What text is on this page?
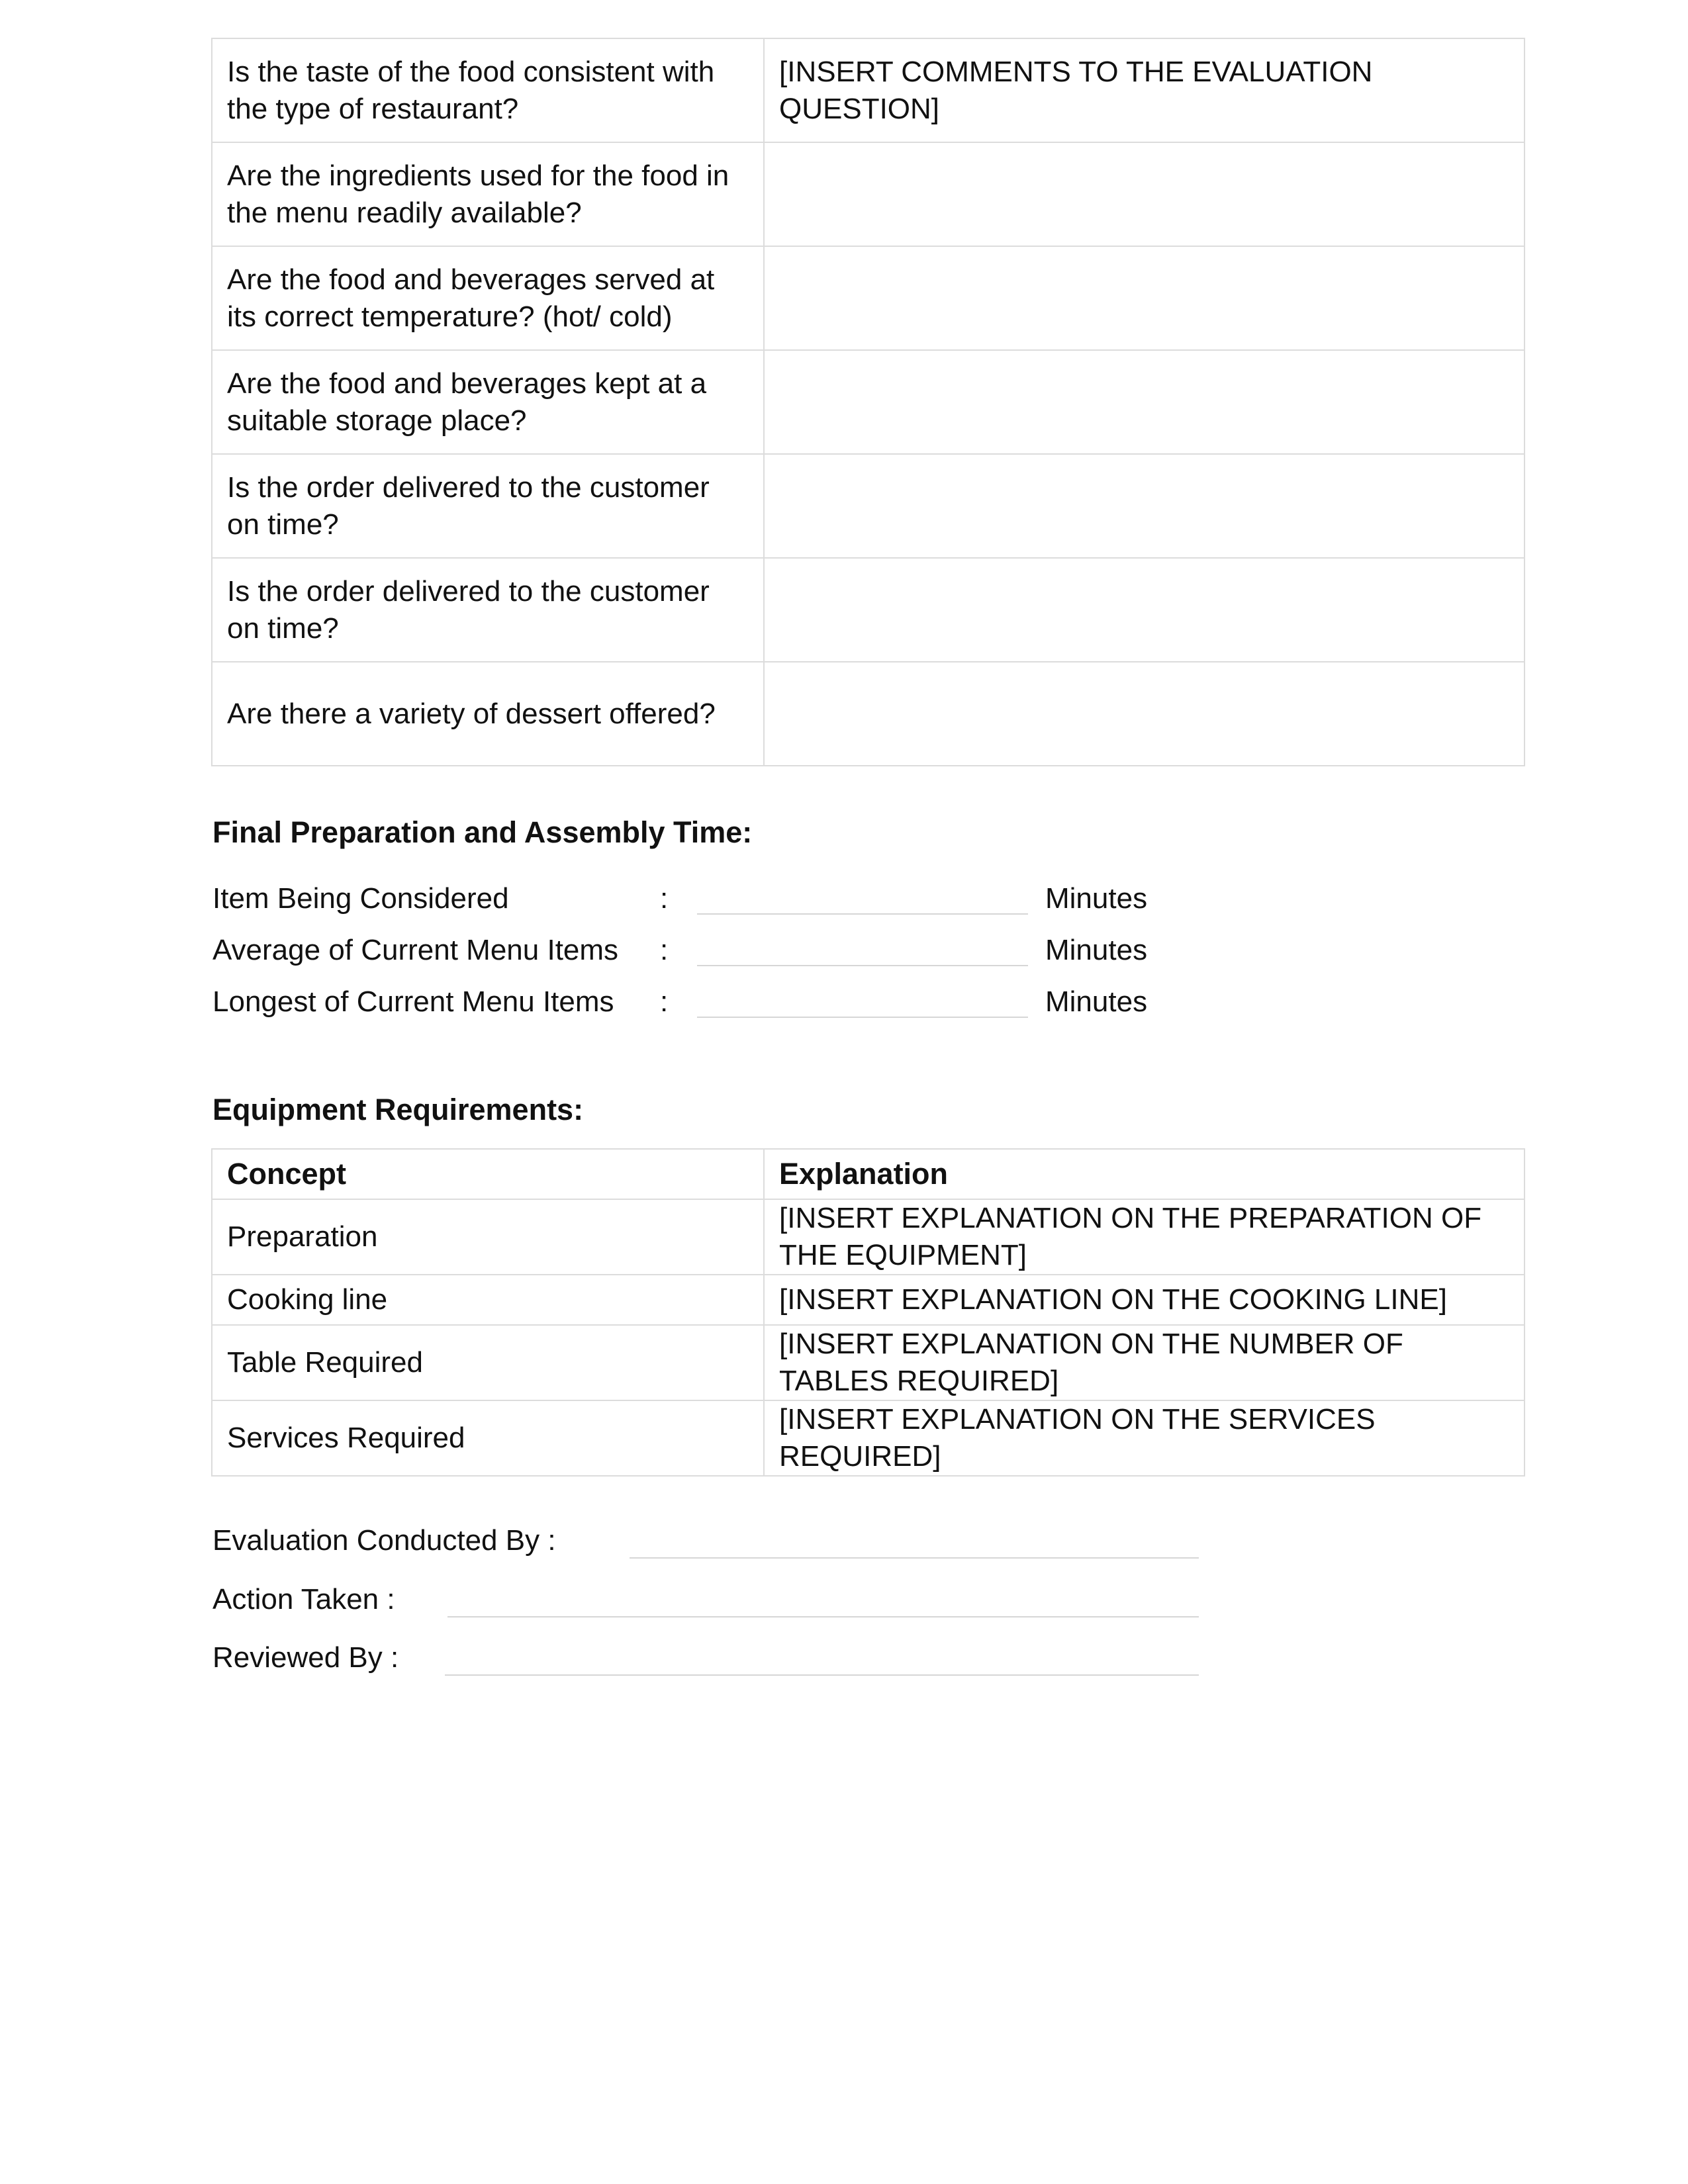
Is the taste of the food consistent with the type of restaurant?	[INSERT COMMENTS TO THE EVALUATION QUESTION]
Are the ingredients used for the food in the menu readily available?	
Are the food and beverages served at its correct temperature? (hot/ cold)	
Are the food and beverages kept at a suitable storage place?	
Is the order delivered to the customer on time?	
Is the order delivered to the customer on time?	
Are there a variety of dessert offered?	
Final Preparation and Assembly Time:
Item Being Considered	:	Minutes
Average of Current Menu Items :	Minutes
Longest of Current Menu Items :	Minutes
Equipment Requirements:
Concept	Explanation
Preparation	[INSERT EXPLANATION ON THE PREPARATION OF THE EQUIPMENT]
Cooking line	[INSERT EXPLANATION ON THE COOKING LINE]
Table Required	[INSERT EXPLANATION ON THE NUMBER OF TABLES REQUIRED]
Services Required	[INSERT EXPLANATION ON THE SERVICES REQUIRED]
Evaluation Conducted By :
Action Taken :
Reviewed By :
